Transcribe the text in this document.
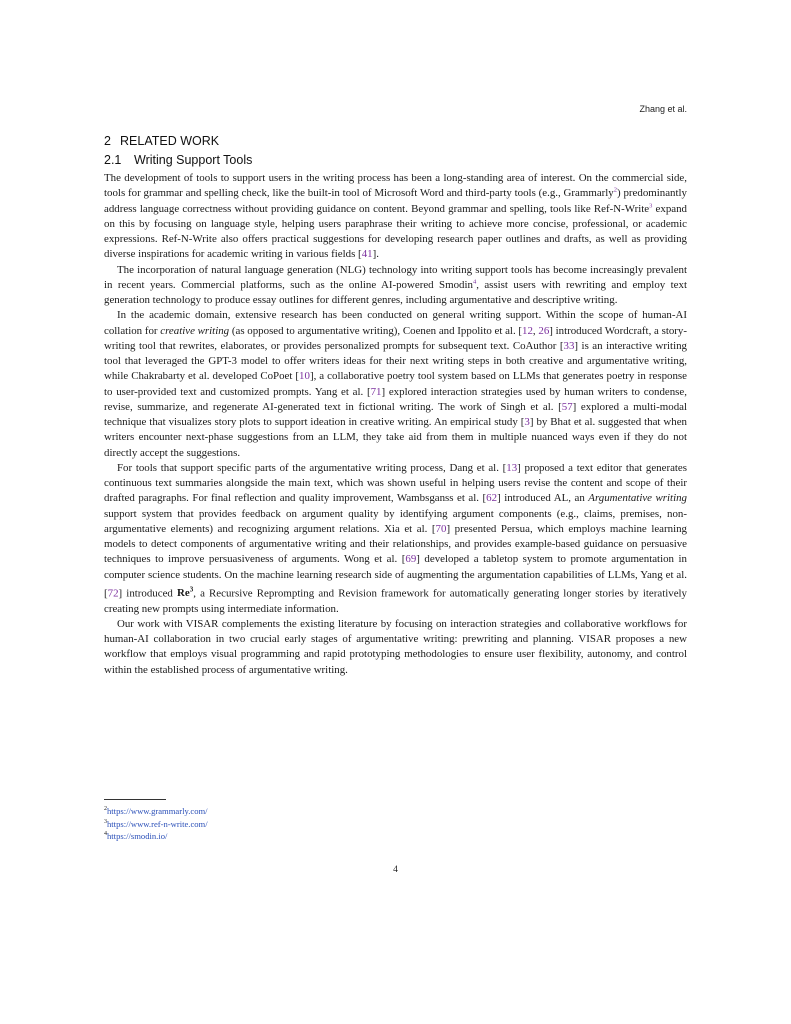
Zhang et al.
2 RELATED WORK
2.1 Writing Support Tools

The development of tools to support users in the writing process has been a long-standing area of interest. On the commercial side, tools for grammar and spelling check, like the built-in tool of Microsoft Word and third-party tools (e.g., Grammarly$^2$) predominantly address language correctness without providing guidance on content. Beyond grammar and spelling, tools like Ref-N-Write$^3$ expand on this by focusing on language style, helping users paraphrase their writing to achieve more concise, professional, or academic expressions. Ref-N-Write also offers practical suggestions for developing research paper outlines and drafts, as well as providing diverse inspirations for academic writing in various fields [41].

The incorporation of natural language generation (NLG) technology into writing support tools has become increasingly prevalent in recent years. Commercial platforms, such as the online AI-powered Smodin$^4$, assist users with rewriting and employ text generation technology to produce essay outlines for different genres, including argumentative and descriptive writing.

In the academic domain, extensive research has been conducted on general writing support. Within the scope of human-AI collation for creative writing (as opposed to argumentative writing), Coenen and Ippolito et al. [12, 26] introduced Wordcraft, a story-writing tool that rewrites, elaborates, or provides personalized prompts for subsequent text. CoAuthor [33] is an interactive writing tool that leveraged the GPT-3 model to offer writers ideas for their next writing steps in both creative and argumentative writing, while Chakrabarty et al. developed CoPoet [10], a collaborative poetry tool system based on LLMs that generates poetry in response to user-provided text and customized prompts. Yang et al. [71] explored interaction strategies used by human writers to condense, revise, summarize, and regenerate AI-generated text in fictional writing. The work of Singh et al. [57] explored a multi-modal technique that visualizes story plots to support ideation in creative writing. An empirical study [3] by Bhat et al. suggested that when writers encounter next-phase suggestions from an LLM, they take aid from them in multiple nuanced ways even if they do not directly accept the suggestions.

For tools that support specific parts of the argumentative writing process, Dang et al. [13] proposed a text editor that generates continuous text summaries alongside the main text, which was shown useful in helping users revise the content and scope of their drafted paragraphs. For final reflection and quality improvement, Wambsganss et al. [62] introduced AL, an Argumentative writing support system that provides feedback on argument quality by identifying argument components (e.g., claims, premises, non-argumentative elements) and recognizing argument relations. Xia et al. [70] presented Persua, which employs machine learning models to detect components of argumentative writing and their relationships, and provides example-based guidance on persuasive techniques to improve persuasiveness of arguments. Wong et al. [69] developed a tabletop system to promote argumentation in computer science students. On the machine learning research side of augmenting the argumentation capabilities of LLMs, Yang et al. [72] introduced Re$^3$, a Recursive Reprompting and Revision framework for automatically generating longer stories by iteratively creating new prompts using intermediate information.

Our work with VISAR complements the existing literature by focusing on interaction strategies and collaborative workflows for human-AI collaboration in two crucial early stages of argumentative writing: prewriting and planning. VISAR proposes a new workflow that employs visual programming and rapid prototyping methodologies to ensure user flexibility, autonomy, and control within the established process of argumentative writing.

$^2$https://www.grammarly.com/
$^3$https://www.ref-n-write.com/
$^4$https://smodin.io/
4
